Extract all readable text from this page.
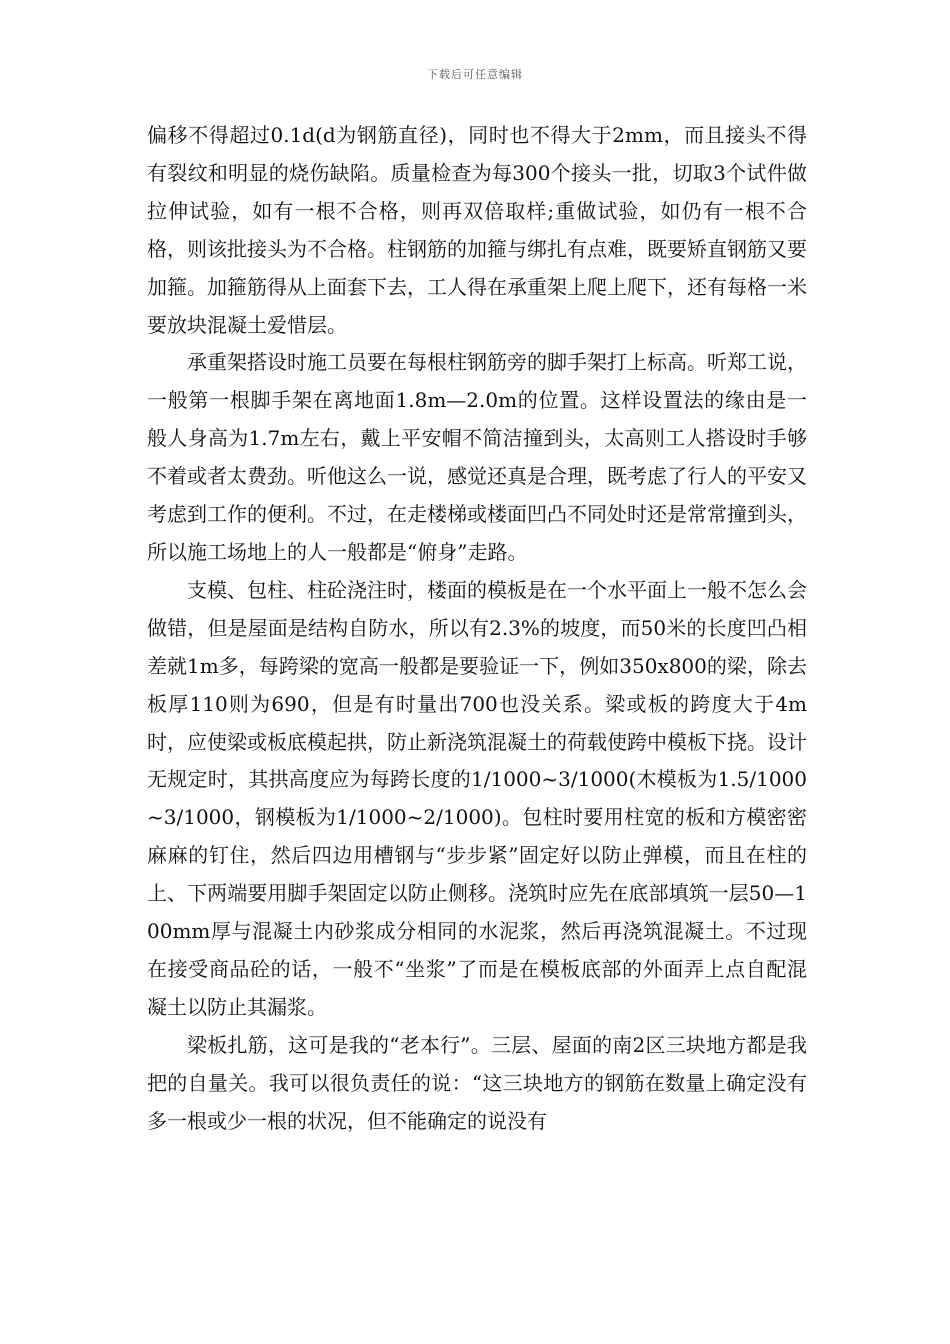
下载后可任意编辑

偏移不得超过0.1d(d为钢筋直径)，同时也不得大于2mm，而且接头不得有裂纹和明显的烧伤缺陷。质量检查为每300个接头一批，切取3个试件做拉伸试验，如有一根不合格，则再双倍取样;重做试验，如仍有一根不合格，则该批接头为不合格。柱钢筋的加箍与绑扎有点难，既要矫直钢筋又要加箍。加箍筋得从上面套下去，工人得在承重架上爬上爬下，还有每格一米要放块混凝土爱惜层。

承重架搭设时施工员要在每根柱钢筋旁的脚手架打上标高。听郑工说，一般第一根脚手架在离地面1.8m—2.0m的位置。这样设置法的缘由是一般人身高为1.7m左右，戴上平安帽不简洁撞到头，太高则工人搭设时手够不着或者太费劲。听他这么一说，感觉还真是合理，既考虑了行人的平安又考虑到工作的便利。不过，在走楼梯或楼面凹凸不同处时还是常常撞到头，所以施工场地上的人一般都是“俯身”走路。

支模、包柱、柱砼浇注时，楼面的模板是在一个水平面上一般不怎么会做错，但是屋面是结构自防水，所以有2.3%的坡度，而50米的长度凹凸相差就1m多，每跨梁的宽高一般都是要验证一下，例如350x800的梁，除去板厚110则为690，但是有时量出700也没关系。梁或板的跨度大于4m时，应使梁或板底模起拱，防止新浇筑混凝土的荷载使跨中模板下挠。设计无规定时，其拱高度应为每跨长度的1/1000~3/1000(木模板为1.5/1000~3/1000，钢模板为1/1000~2/1000)。包柱时要用柱宽的板和方模密密麻麻的钉住，然后四边用槽钢与“步步紧”固定好以防止弹模，而且在柱的上、下两端要用脚手架固定以防止侧移。浇筑时应先在底部填筑一层50—100mm厚与混凝土内砂浆成分相同的水泥浆，然后再浇筑混凝土。不过现在接受商品砼的话，一般不“坐浆”了而是在模板底部的外面弄上点自配混凝土以防止其漏浆。

梁板扎筋，这可是我的“老本行”。三层、屋面的南2区三块地方都是我把的自量关。我可以很负责任的说：“这三块地方的钢筋在数量上确定没有多一根或少一根的状况，但不能确定的说没有
